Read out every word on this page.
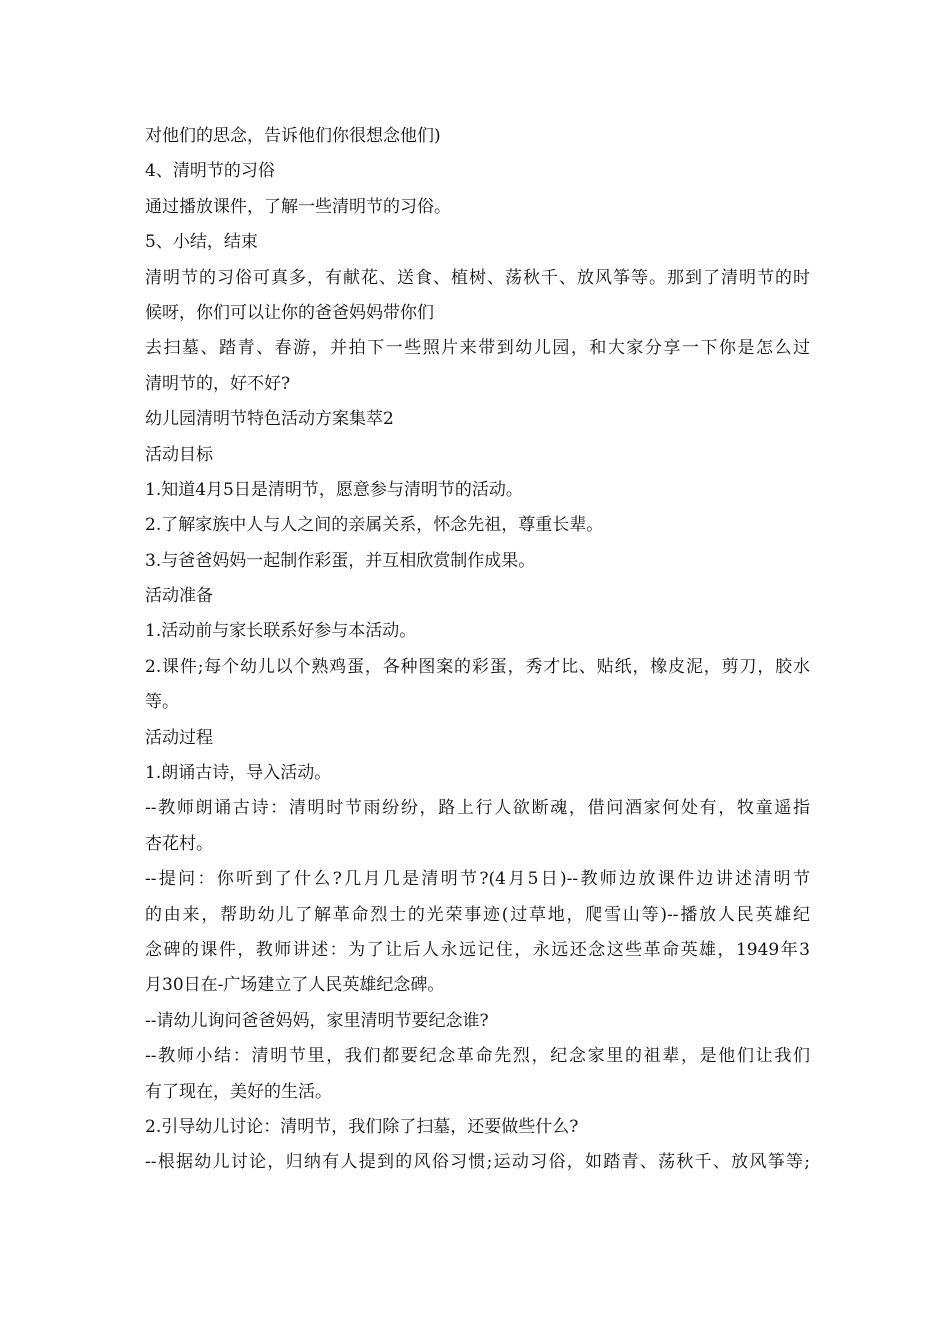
对他们的思念，告诉他们你很想念他们)
4、清明节的习俗
通过播放课件，了解一些清明节的习俗。
5、小结，结束
清明节的习俗可真多，有献花、送食、植树、荡秋千、放风筝等。那到了清明节的时
候呀，你们可以让你的爸爸妈妈带你们
去扫墓、踏青、春游，并拍下一些照片来带到幼儿园，和大家分享一下你是怎么过
清明节的，好不好?
幼儿园清明节特色活动方案集萃2
活动目标
1.知道4月5日是清明节，愿意参与清明节的活动。
2.了解家族中人与人之间的亲属关系，怀念先祖，尊重长辈。
3.与爸爸妈妈一起制作彩蛋，并互相欣赏制作成果。
活动准备
1.活动前与家长联系好参与本活动。
2.课件;每个幼儿以个熟鸡蛋，各种图案的彩蛋，秀才比、贴纸，橡皮泥，剪刀，胶水
等。
活动过程
1.朗诵古诗，导入活动。
--教师朗诵古诗：清明时节雨纷纷，路上行人欲断魂，借问酒家何处有，牧童遥指
杏花村。
--提问：你听到了什么?几月几是清明节?(4月5日)--教师边放课件边讲述清明节
的由来，帮助幼儿了解革命烈士的光荣事迹(过草地，爬雪山等)--播放人民英雄纪
念碑的课件，教师讲述：为了让后人永远记住，永远还念这些革命英雄，1949年3
月30日在-广场建立了人民英雄纪念碑。
--请幼儿询问爸爸妈妈，家里清明节要纪念谁?
--教师小结：清明节里，我们都要纪念革命先烈，纪念家里的祖辈，是他们让我们
有了现在，美好的生活。
2.引导幼儿讨论：清明节，我们除了扫墓，还要做些什么?
--根据幼儿讨论，归纳有人提到的风俗习惯;运动习俗，如踏青、荡秋千、放风筝等;
